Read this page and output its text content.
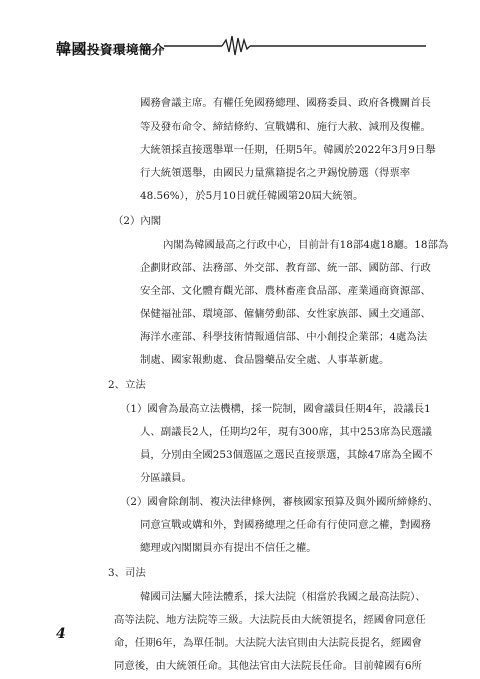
韓國投資環境簡介
國務會議主席。有權任免國務總理、國務委員、政府各機關首長
等及發布命令、締結條約、宣戰媾和、施行大赦、減刑及復權。
大統領採直接選舉單一任期，任期5年。韓國於2022年3月9日舉
行大統領選舉，由國民力量黨籍提名之尹錫悅勝選（得票率
48.56%），於5月10日就任韓國第20屆大統領。
（2）內閣
內閣為韓國最高之行政中心，目前計有18部4處18廳。18部為
企劃財政部、法務部、外交部、教育部、統一部、國防部、行政
安全部、文化體育觀光部、農林畜產食品部、產業通商資源部、
保健福祉部、環境部、僱傭勞動部、女性家族部、國土交通部、
海洋水產部、科學技術情報通信部、中小創投企業部；4處為法
制處、國家報勳處、食品醫藥品安全處、人事革新處。
2、立法
（1）國會為最高立法機構，採一院制，國會議員任期4年，設議長1
人、副議長2人，任期均2年，現有300席，其中253席為民選議
員，分別由全國253個選區之選民直接票選，其餘47席為全國不
分區議員。
（2）國會除創制、複決法律條例，審核國家預算及與外國所締條約、
同意宣戰或媾和外，對國務總理之任命有行使同意之權，對國務
總理或內閣閣員亦有提出不信任之權。
3、司法
韓國司法屬大陸法體系，採大法院（相當於我國之最高法院）、
高等法院、地方法院等三級。大法院長由大統領提名，經國會同意任
命，任期6年，為單任制。大法院大法官則由大法院長提名，經國會
同意後，由大統領任命。其他法官由大法院長任命。目前韓國有6所
4
